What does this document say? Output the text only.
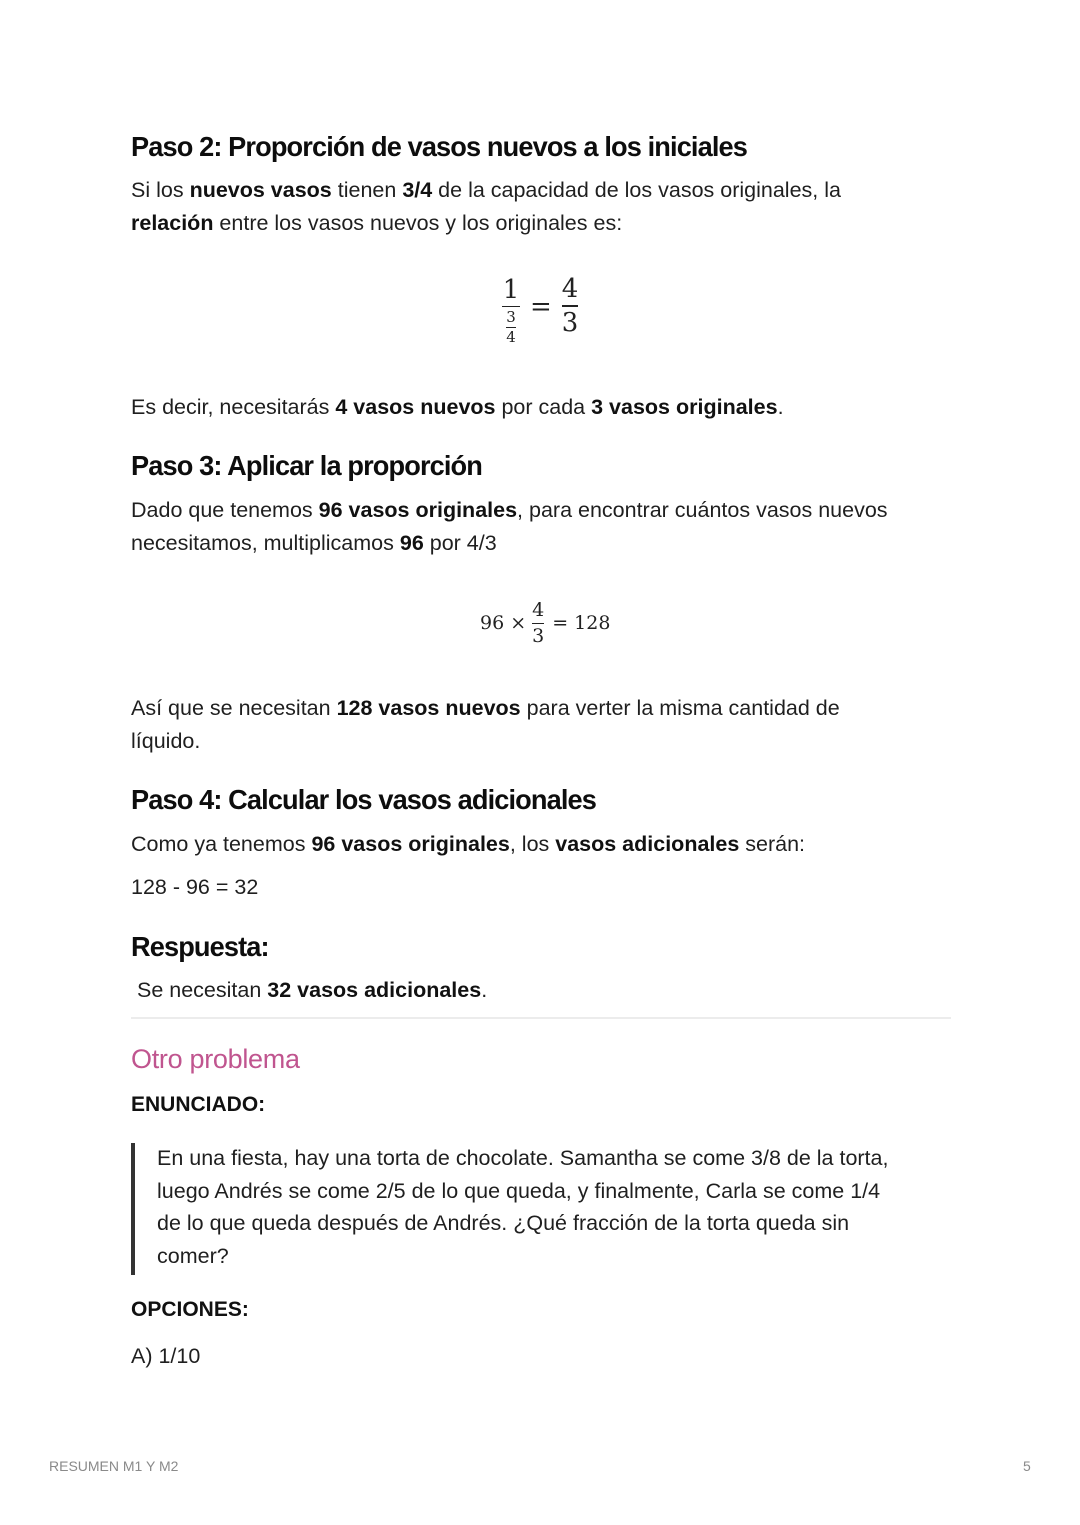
Paso 2: Proporción de vasos nuevos a los iniciales
Si los nuevos vasos tienen 3/4 de la capacidad de los vasos originales, la
relación entre los vasos nuevos y los originales es:
$\frac{1}{\frac{3}{4}} = \frac{4}{3}$
Es decir, necesitarás 4 vasos nuevos por cada 3 vasos originales.
Paso 3: Aplicar la proporción
Dado que tenemos 96 vasos originales, para encontrar cuántos vasos nuevos
necesitamos, multiplicamos 96 por 4/3
$96 \times \frac{4}{3} = 128$
Así que se necesitan 128 vasos nuevos para verter la misma cantidad de
líquido.
Paso 4: Calcular los vasos adicionales
Como ya tenemos 96 vasos originales, los vasos adicionales serán:
128 - 96 = 32
Respuesta:
Se necesitan 32 vasos adicionales.
Otro problema
ENUNCIADO:
En una fiesta, hay una torta de chocolate. Samantha se come 3/8 de la torta,
luego Andrés se come 2/5 de lo que queda, y finalmente, Carla se come 1/4
de lo que queda después de Andrés. ¿Qué fracción de la torta queda sin
comer?
OPCIONES:
A) 1/10
RESUMEN M1 Y M2	5
